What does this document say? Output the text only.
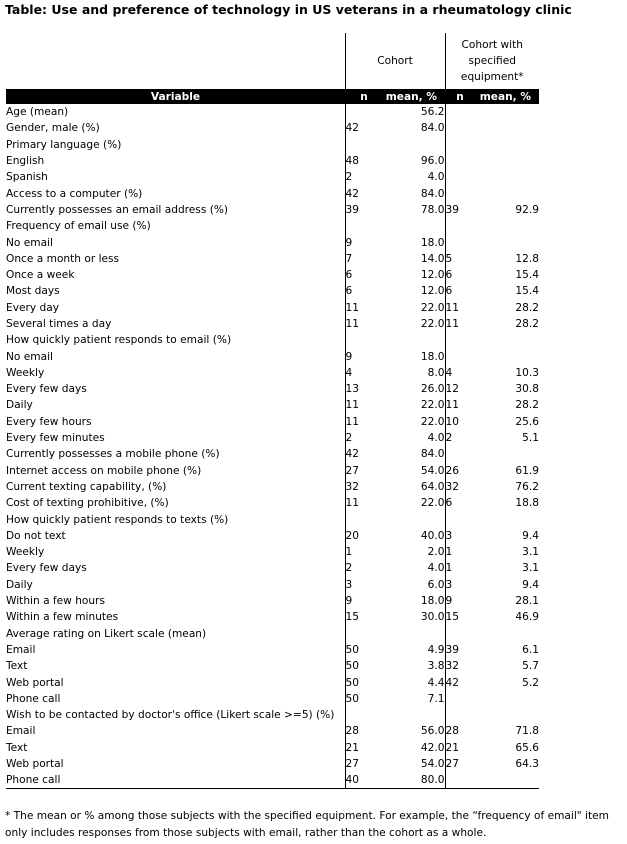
Table: Use and preference of technology in US veterans in a rheumatology clinic
	Cohort		Cohort with
specified
equipment*	

Variable	n	mean, %	n	mean, %
Age (mean)		56.2		
Gender, male (%)	42	84.0		
Primary language (%)				
English	48	96.0		
Spanish	2	4.0		
Access to a computer (%)	42	84.0		
Currently possesses an email address (%)	39	78.0	39	92.9
Frequency of email use (%)				
No email	9	18.0		
Once a month or less	7	14.0	5	12.8
Once a week	6	12.0	6	15.4
Most days	6	12.0	6	15.4
Every day	11	22.0	11	28.2
Several times a day	11	22.0	11	28.2
How quickly patient responds to email (%)				
No email	9	18.0		
Weekly	4	8.0	4	10.3
Every few days	13	26.0	12	30.8
Daily	11	22.0	11	28.2
Every few hours	11	22.0	10	25.6
Every few minutes	2	4.0	2	5.1
Currently possesses a mobile phone (%)	42	84.0		
Internet access on mobile phone (%)	27	54.0	26	61.9
Current texting capability, (%)	32	64.0	32	76.2
Cost of texting prohibitive, (%)	11	22.0	6	18.8
How quickly patient responds to texts (%)				
Do not text	20	40.0	3	9.4
Weekly	1	2.0	1	3.1
Every few days	2	4.0	1	3.1
Daily	3	6.0	3	9.4
Within a few hours	9	18.0	9	28.1
Within a few minutes	15	30.0	15	46.9
Average rating on Likert scale (mean)				
Email	50	4.9	39	6.1
Text	50	3.8	32	5.7
Web portal	50	4.4	42	5.2
Phone call	50	7.1		
Wish to be contacted by doctor's office (Likert scale >=5) (%)				
Email	28	56.0	28	71.8
Text	21	42.0	21	65.6
Web portal	27	54.0	27	64.3
Phone call	40	80.0		
* The mean or % among those subjects with the specified equipment. For example, the “frequency of email" item only includes responses from those subjects with email, rather than the cohort as a whole.
